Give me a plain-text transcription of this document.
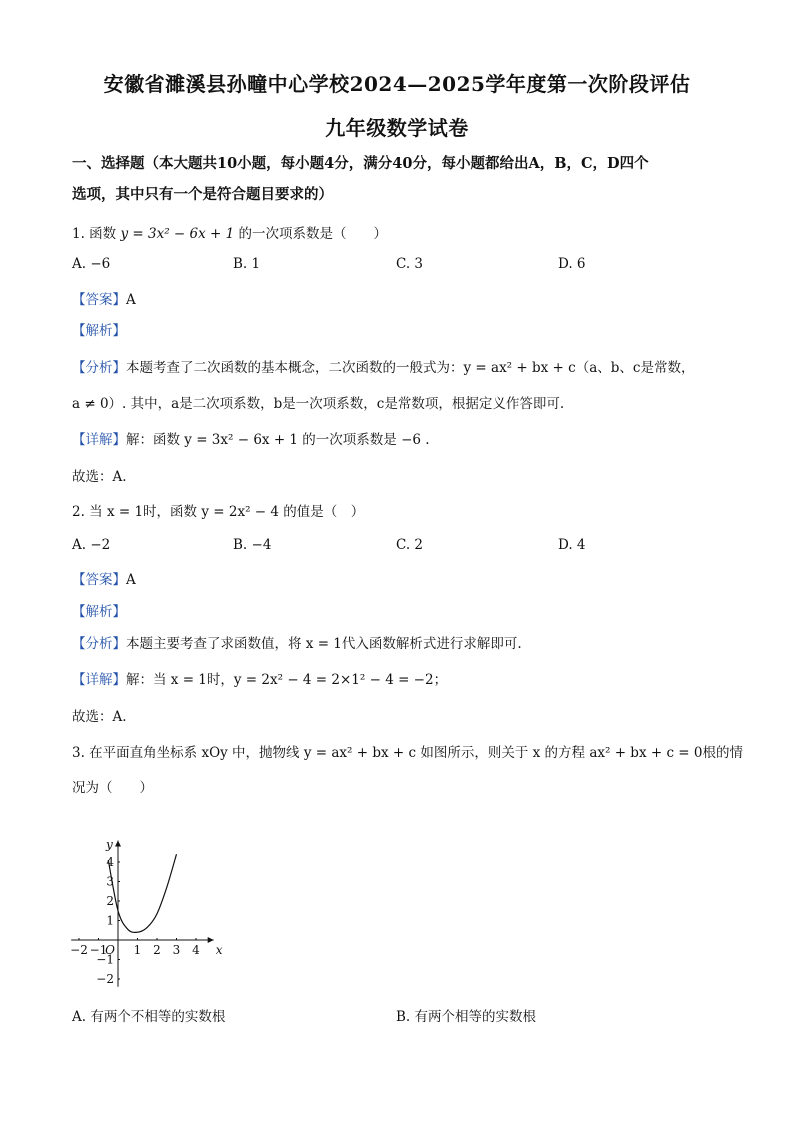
安徽省濉溪县孙疃中心学校2024—2025学年度第一次阶段评估
九年级数学试卷
一、选择题（本大题共10小题，每小题4分，满分40分，每小题都给出A，B，C，D四个
选项，其中只有一个是符合题目要求的）
1. 函数 y = 3x² − 6x + 1 的一次项系数是（　　）
A. −6	B. 1	C. 3	D. 6
【答案】A
【解析】
【分析】本题考查了二次函数的基本概念，二次函数的一般式为：y = ax² + bx + c（a、b、c是常数，
a ≠ 0）. 其中，a是二次项系数，b是一次项系数，c是常数项，根据定义作答即可.
【详解】解：函数 y = 3x² − 6x + 1 的一次项系数是 −6 .
故选：A.
2. 当 x = 1时，函数 y = 2x² − 4 的值是（　）
A. −2	B. −4	C. 2	D. 4
【答案】A
【解析】
【分析】本题主要考查了求函数值，将 x = 1代入函数解析式进行求解即可.
【详解】解：当 x = 1时，y = 2x² − 4 = 2×1² − 4 = −2；
故选：A.
3. 在平面直角坐标系 xOy 中，抛物线 y = ax² + bx + c 如图所示，则关于 x 的方程 ax² + bx + c = 0根的情
况为（　　）
−2 −1 1 2 3 4
4
3
2
1
−1
−2
O	x
y
A. 有两个不相等的实数根	B. 有两个相等的实数根
